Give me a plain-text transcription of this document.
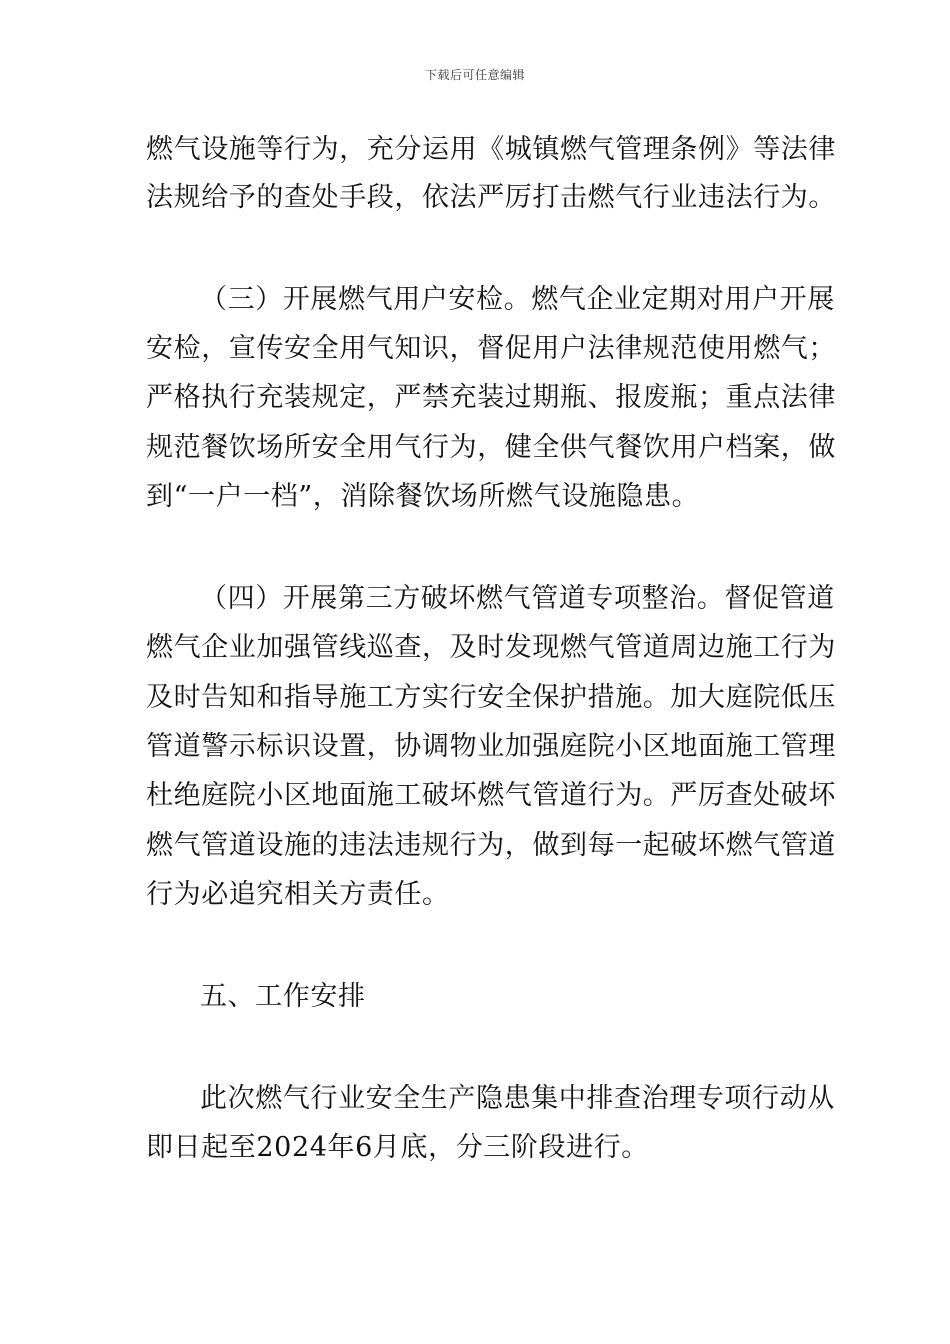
下载后可任意编辑
燃气设施等行为，充分运用《城镇燃气管理条例》等法律
法规给予的查处手段，依法严厉打击燃气行业违法行为。
（三）开展燃气用户安检。燃气企业定期对用户开展
安检，宣传安全用气知识，督促用户法律规范使用燃气；
严格执行充装规定，严禁充装过期瓶、报废瓶；重点法律
规范餐饮场所安全用气行为，健全供气餐饮用户档案，做
到“一户一档”，消除餐饮场所燃气设施隐患。
（四）开展第三方破坏燃气管道专项整治。督促管道
燃气企业加强管线巡查，及时发现燃气管道周边施工行为
及时告知和指导施工方实行安全保护措施。加大庭院低压
管道警示标识设置，协调物业加强庭院小区地面施工管理
杜绝庭院小区地面施工破坏燃气管道行为。严厉查处破坏
燃气管道设施的违法违规行为，做到每一起破坏燃气管道
行为必追究相关方责任。
五、工作安排
此次燃气行业安全生产隐患集中排查治理专项行动从
即日起至2024年6月底，分三阶段进行。
